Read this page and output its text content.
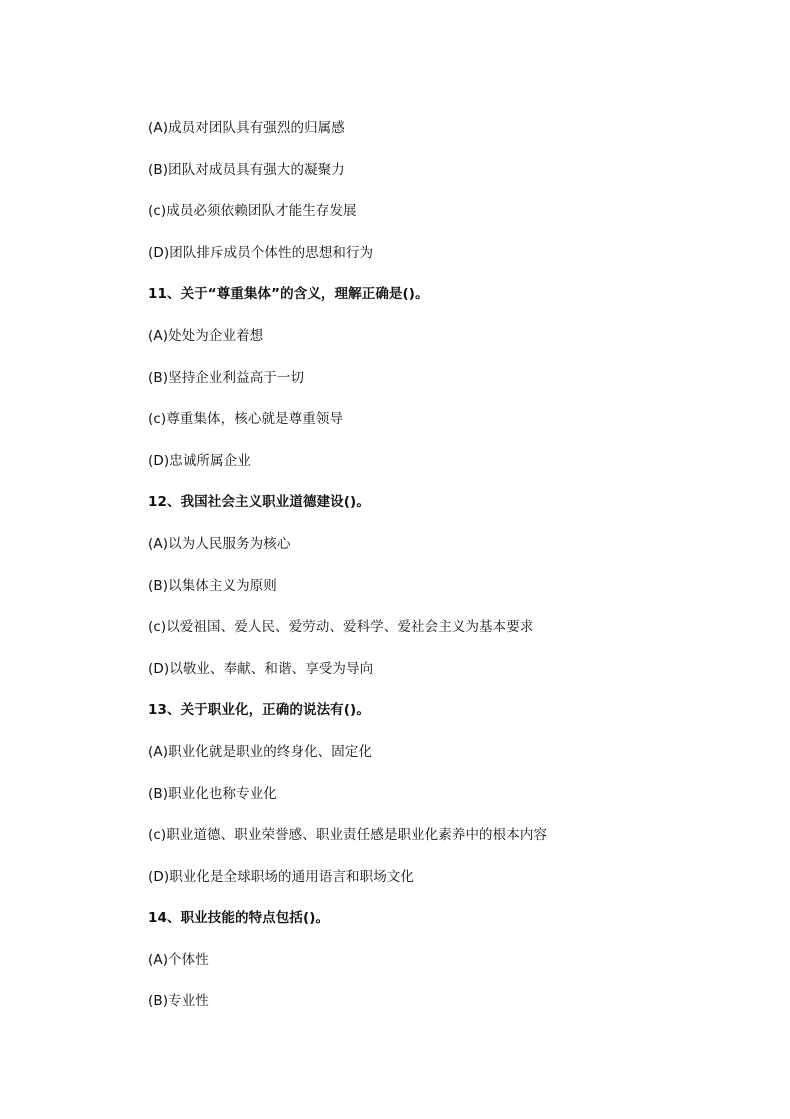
(A)成员对团队具有强烈的归属感
(B)团队对成员具有强大的凝聚力
(c)成员必须依赖团队才能生存发展
(D)团队排斥成员个体性的思想和行为
11、关于“尊重集体”的含义，理解正确是()。
(A)处处为企业着想
(B)坚持企业利益高于一切
(c)尊重集体，核心就是尊重领导
(D)忠诚所属企业
12、我国社会主义职业道德建设()。
(A)以为人民服务为核心
(B)以集体主义为原则
(c)以爱祖国、爱人民、爱劳动、爱科学、爱社会主义为基本要求
(D)以敬业、奉献、和谐、享受为导向
13、关于职业化，正确的说法有()。
(A)职业化就是职业的终身化、固定化
(B)职业化也称专业化
(c)职业道德、职业荣誉感、职业责任感是职业化素养中的根本内容
(D)职业化是全球职场的通用语言和职场文化
14、职业技能的特点包括()。
(A)个体性
(B)专业性
